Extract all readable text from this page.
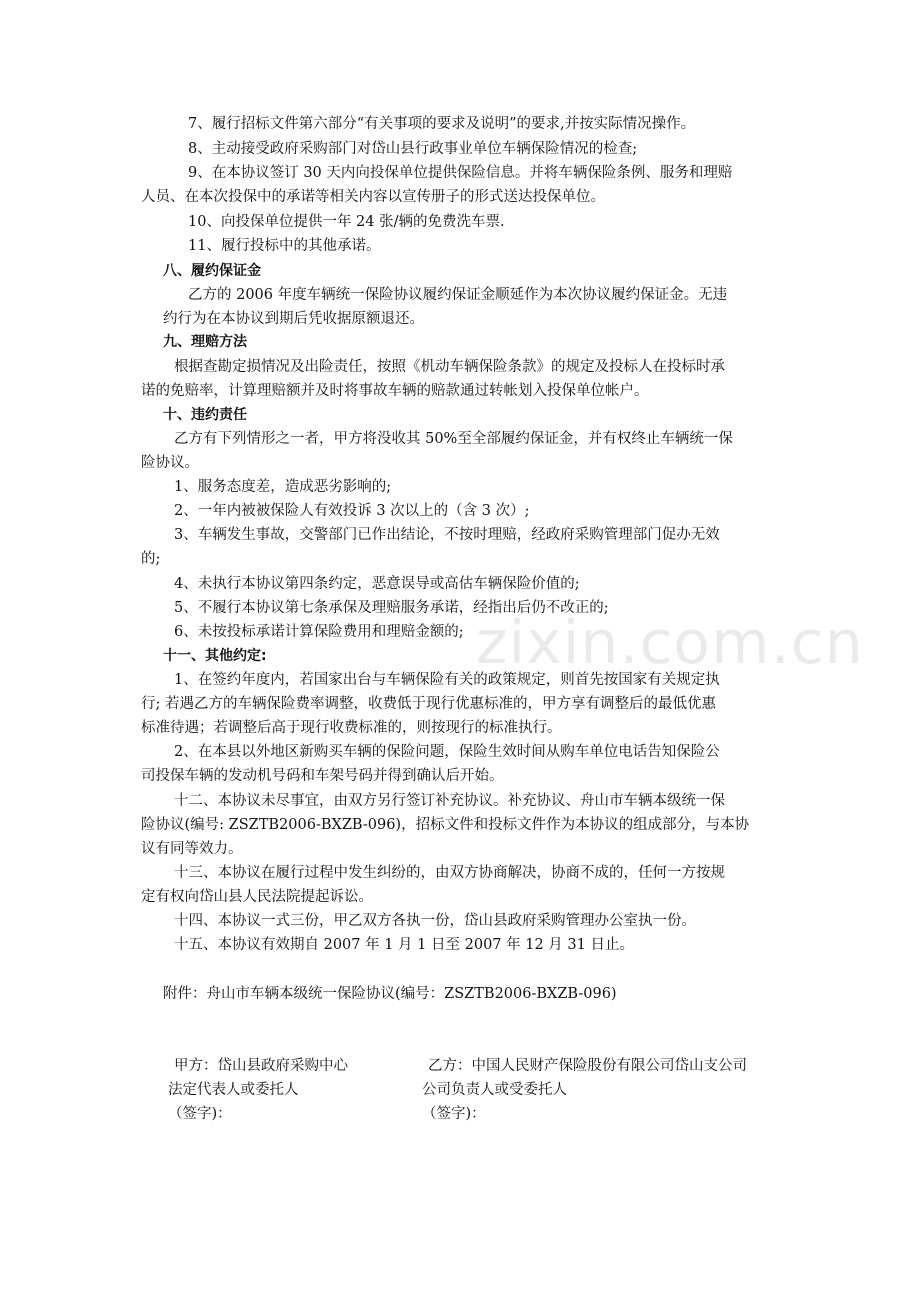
zixin.com.cn
7、履行招标文件第六部分“有关事项的要求及说明”的要求,并按实际情况操作。
8、主动接受政府采购部门对岱山县行政事业单位车辆保险情况的检查;
9、在本协议签订 30 天内向投保单位提供保险信息。并将车辆保险条例、服务和理赔
人员、在本次投保中的承诺等相关内容以宣传册子的形式送达投保单位。
10、向投保单位提供一年 24 张/辆的免费洗车票.
11、履行投标中的其他承诺。
八、履约保证金
乙方的 2006 年度车辆统一保险协议履约保证金顺延作为本次协议履约保证金。无违
约行为在本协议到期后凭收据原额退还。
九、理赔方法
根据查勘定损情况及出险责任，按照《机动车辆保险条款》的规定及投标人在投标时承
诺的免赔率，计算理赔额并及时将事故车辆的赔款通过转帐划入投保单位帐户。
十、违约责任
乙方有下列情形之一者，甲方将没收其 50%至全部履约保证金，并有权终止车辆统一保
险协议。
1、服务态度差，造成恶劣影响的;
2、一年内被被保险人有效投诉 3 次以上的（含 3 次）;
3、车辆发生事故，交警部门已作出结论，不按时理赔，经政府采购管理部门促办无效
的;
4、未执行本协议第四条约定，恶意误导或高估车辆保险价值的;
5、不履行本协议第七条承保及理赔服务承诺，经指出后仍不改正的;
6、未按投标承诺计算保险费用和理赔金额的;
十一、其他约定:
1、在签约年度内，若国家出台与车辆保险有关的政策规定，则首先按国家有关规定执
行; 若遇乙方的车辆保险费率调整，收费低于现行优惠标准的，甲方享有调整后的最低优惠
标准待遇；若调整后高于现行收费标准的，则按现行的标准执行。
2、在本县以外地区新购买车辆的保险问题，保险生效时间从购车单位电话告知保险公
司投保车辆的发动机号码和车架号码并得到确认后开始。
十二、本协议未尽事宜，由双方另行签订补充协议。补充协议、舟山市车辆本级统一保
险协议(编号: ZSZTB2006-BXZB-096)，招标文件和投标文件作为本协议的组成部分，与本协
议有同等效力。
十三、本协议在履行过程中发生纠纷的，由双方协商解决，协商不成的，任何一方按规
定有权向岱山县人民法院提起诉讼。
十四、本协议一式三份，甲乙双方各执一份，岱山县政府采购管理办公室执一份。
十五、本协议有效期自 2007 年 1 月 1 日至 2007 年 12 月 31 日止。
附件：舟山市车辆本级统一保险协议(编号：ZSZTB2006-BXZB-096)
甲方：岱山县政府采购中心
法定代表人或委托人
（签字)：
乙方：中国人民财产保险股份有限公司岱山支公司
公司负责人或受委托人
（签字)：
